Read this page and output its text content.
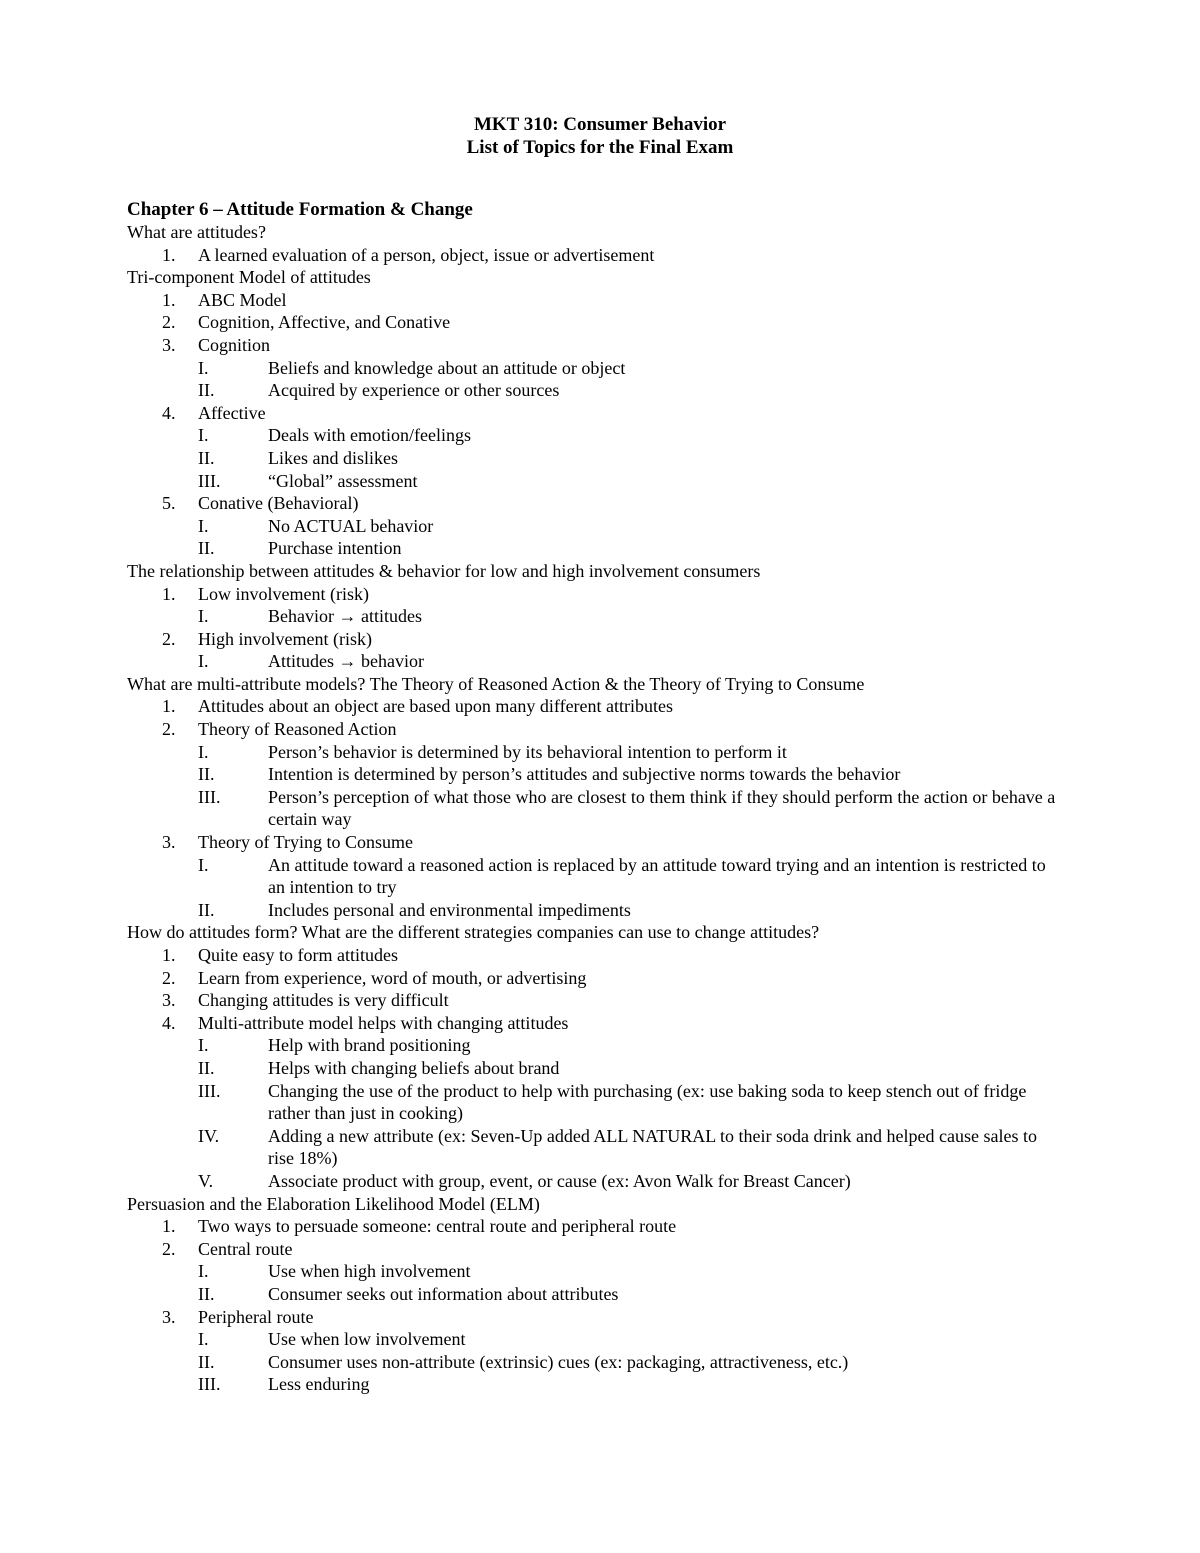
MKT 310: Consumer Behavior
List of Topics for the Final Exam
Chapter 6 – Attitude Formation & Change
What are attitudes?
1. A learned evaluation of a person, object, issue or advertisement
Tri-component Model of attitudes
1. ABC Model
2. Cognition, Affective, and Conative
3. Cognition
I.	Beliefs and knowledge about an attitude or object
II.	Acquired by experience or other sources
4. Affective
I.	Deals with emotion/feelings
II.	Likes and dislikes
III.	“Global” assessment
5. Conative (Behavioral)
I.	No ACTUAL behavior
II.	Purchase intention
The relationship between attitudes & behavior for low and high involvement consumers
1. Low involvement (risk)
I.	Behavior → attitudes
2. High involvement (risk)
I.	Attitudes → behavior
What are multi-attribute models? The Theory of Reasoned Action & the Theory of Trying to Consume
1. Attitudes about an object are based upon many different attributes
2. Theory of Reasoned Action
I.	Person’s behavior is determined by its behavioral intention to perform it
II.	Intention is determined by person’s attitudes and subjective norms towards the behavior
III.	Person’s perception of what those who are closest to them think if they should perform the action or behave a certain way
3. Theory of Trying to Consume
I.	An attitude toward a reasoned action is replaced by an attitude toward trying and an intention is restricted to an intention to try
II.	Includes personal and environmental impediments
How do attitudes form? What are the different strategies companies can use to change attitudes?
1. Quite easy to form attitudes
2. Learn from experience, word of mouth, or advertising
3. Changing attitudes is very difficult
4. Multi-attribute model helps with changing attitudes
I.	Help with brand positioning
II.	Helps with changing beliefs about brand
III.	Changing the use of the product to help with purchasing (ex: use baking soda to keep stench out of fridge rather than just in cooking)
IV.	Adding a new attribute (ex: Seven-Up added ALL NATURAL to their soda drink and helped cause sales to rise 18%)
V.	Associate product with group, event, or cause (ex: Avon Walk for Breast Cancer)
Persuasion and the Elaboration Likelihood Model (ELM)
1. Two ways to persuade someone: central route and peripheral route
2. Central route
I.	Use when high involvement
II.	Consumer seeks out information about attributes
3. Peripheral route
I.	Use when low involvement
II.	Consumer uses non-attribute (extrinsic) cues (ex: packaging, attractiveness, etc.)
III.	Less enduring
